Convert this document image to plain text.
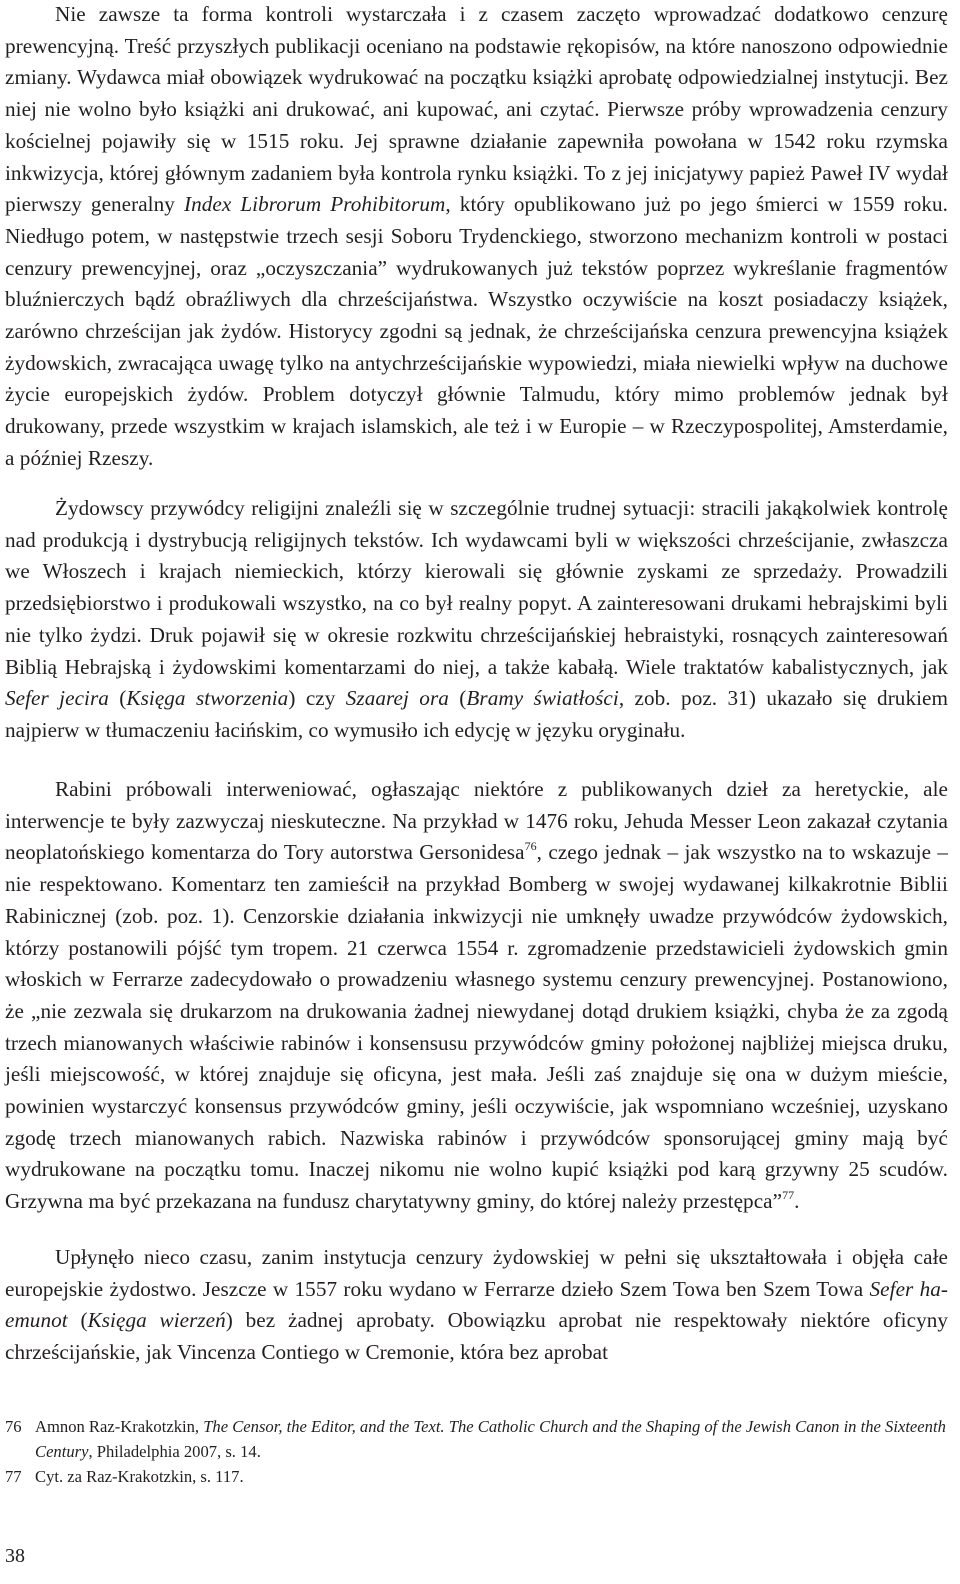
Nie zawsze ta forma kontroli wystarczała i z czasem zaczęto wprowadzać dodatkowo cenzurę prewencyjną. Treść przyszłych publikacji oceniano na podstawie rękopisów, na które nanoszono odpowiednie zmiany. Wydawca miał obowiązek wydrukować na początku książki aprobatę odpowiedzialnej instytucji. Bez niej nie wolno było książki ani drukować, ani kupować, ani czytać. Pierwsze próby wprowadzenia cenzury kościelnej pojawiły się w 1515 roku. Jej sprawne działanie zapewniła powołana w 1542 roku rzymska inkwizycja, której głównym zadaniem była kontrola rynku książki. To z jej inicjatywy papież Paweł IV wydał pierwszy generalny Index Librorum Prohibitorum, który opublikowano już po jego śmierci w 1559 roku. Niedługo potem, w następstwie trzech sesji Soboru Trydenckiego, stworzono mechanizm kontroli w postaci cenzury prewencyjnej, oraz „oczyszczania” wydrukowanych już tekstów poprzez wykreślanie fragmentów bluźnierczych bądź obraźliwych dla chrześcijaństwa. Wszystko oczywiście na koszt posiadaczy książek, zarówno chrześcijan jak żydów. Historycy zgodni są jednak, że chrześcijańska cenzura prewencyjna książek żydowskich, zwracająca uwagę tylko na antychrześcijańskie wypowiedzi, miała niewielki wpływ na duchowe życie europejskich żydów. Problem dotyczył głównie Talmudu, który mimo problemów jednak był drukowany, przede wszystkim w krajach islamskich, ale też i w Europie – w Rzeczypospolitej, Amsterdamie, a później Rzeszy.

Żydowscy przywódcy religijni znaleźli się w szczególnie trudnej sytuacji: stracili jakąkolwiek kontrolę nad produkcją i dystrybucją religijnych tekstów. Ich wydawcami byli w większości chrześcijanie, zwłaszcza we Włoszech i krajach niemieckich, którzy kierowali się głównie zyskami ze sprzedaży. Prowadzili przedsiębiorstwo i produkowali wszystko, na co był realny popyt. A zainteresowani drukami hebrajskimi byli nie tylko żydzi. Druk pojawił się w okresie rozkwitu chrześcijańskiej hebraistyki, rosnących zainteresowań Biblią Hebrajską i żydowskimi komentarzami do niej, a także kabałą. Wiele traktatów kabalistycznych, jak Sefer jecira (Księga stworzenia) czy Szaarej ora (Bramy światłości, zob. poz. 31) ukazało się drukiem najpierw w tłumaczeniu łacińskim, co wymusiło ich edycję w języku oryginału.

Rabini próbowali interweniować, ogłaszając niektóre z publikowanych dzieł za heretyckie, ale interwencje te były zazwyczaj nieskuteczne. Na przykład w 1476 roku, Jehuda Messer Leon zakazał czytania neoplatońskiego komentarza do Tory autorstwa Gersonidesa$^{76}$, czego jednak – jak wszystko na to wskazuje – nie respektowano. Komentarz ten zamieścił na przykład Bomberg w swojej wydawanej kilkakrotnie Biblii Rabinicznej (zob. poz. 1). Cenzorskie działania inkwizycji nie umknęły uwadze przywódców żydowskich, którzy postanowili pójść tym tropem. 21 czerwca 1554 r. zgromadzenie przedstawicieli żydowskich gmin włoskich w Ferrarze zadecydowało o prowadzeniu własnego systemu cenzury prewencyjnej. Postanowiono, że „nie zezwala się drukarzom na drukowania żadnej niewydanej dotąd drukiem książki, chyba że za zgodą trzech mianowanych właściwie rabinów i konsensusu przywódców gminy położonej najbliżej miejsca druku, jeśli miejscowość, w której znajduje się oficyna, jest mała. Jeśli zaś znajduje się ona w dużym mieście, powinien wystarczyć konsensus przywódców gminy, jeśli oczywiście, jak wspomniano wcześniej, uzyskano zgodę trzech mianowanych rabich. Nazwiska rabinów i przywódców sponsorującej gminy mają być wydrukowane na początku tomu. Inaczej nikomu nie wolno kupić książki pod karą grzywny 25 scudów. Grzywna ma być przekazana na fundusz charytatywny gminy, do której należy przestępca”$^{77}$.

Upłynęło nieco czasu, zanim instytucja cenzury żydowskiej w pełni się ukształtowała i objęła całe europejskie żydostwo. Jeszcze w 1557 roku wydano w Ferrarze dzieło Szem Towa ben Szem Towa Sefer ha-emunot (Księga wierzeń) bez żadnej aprobaty. Obowiązku aprobat nie respektowały niektóre oficyny chrześcijańskie, jak Vincenza Contiego w Cremonie, która bez aprobat

76 Amnon Raz-Krakotzkin, The Censor, the Editor, and the Text. The Catholic Church and the Shaping of the Jewish Canon in the Sixteenth Century, Philadelphia 2007, s. 14.
77 Cyt. za Raz-Krakotzkin, s. 117.
38
